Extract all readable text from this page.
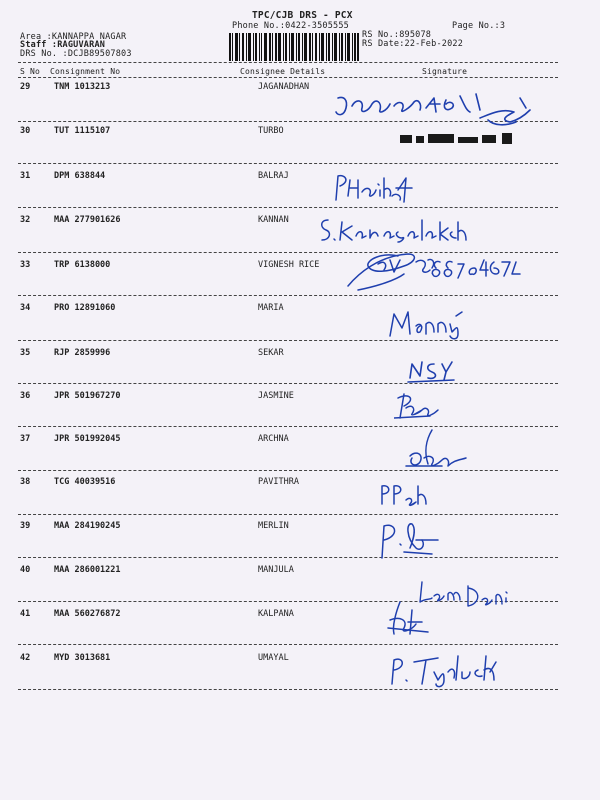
TPC/CJB DRS - PCX
Phone No.:0422-3505555	Page No.:3
Area :KANNAPPA NAGAR
Staff :RAGUVARAN
DRS No. :DCJB89507803
RS No.:895078
RS Date:22-Feb-2022
S No Consignment No	Consignee Details	Signature
29	TNM 1013213	JAGANADHAN
30	TUT 1115107	TURBO
31	DPM 638844	BALRAJ
32	MAA 277901626	KANNAN
33	TRP 6138000	VIGNESH RICE
34	PRO 12891060	MARIA
35	RJP 2859996	SEKAR
36	JPR 501967270	JASMINE
37	JPR 501992045	ARCHNA
38	TCG 40039516	PAVITHRA
39	MAA 284190245	MERLIN
40	MAA 286001221	MANJULA
41	MAA 560276872	KALPANA
42	MYD 3013681	UMAYAL
